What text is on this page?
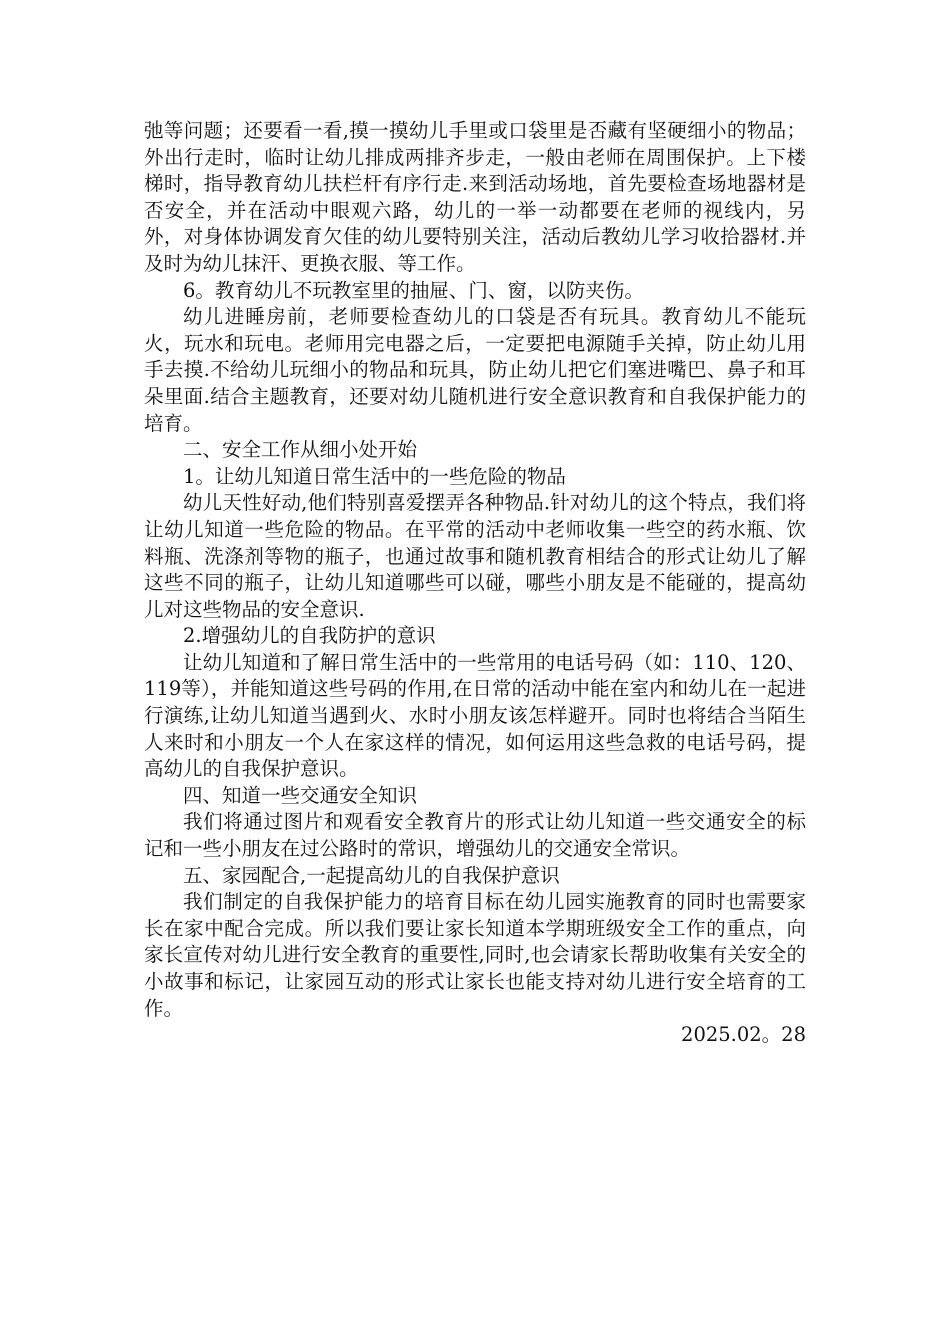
弛等问题；还要看一看,摸一摸幼儿手里或口袋里是否藏有坚硬细小的物品；外出行走时，临时让幼儿排成两排齐步走，一般由老师在周围保护。上下楼梯时，指导教育幼儿扶栏杆有序行走.来到活动场地，首先要检查场地器材是否安全，并在活动中眼观六路，幼儿的一举一动都要在老师的视线内，另外，对身体协调发育欠佳的幼儿要特别关注，活动后教幼儿学习收拾器材.并及时为幼儿抹汗、更换衣服、等工作。

6。教育幼儿不玩教室里的抽屉、门、窗，以防夹伤。

幼儿进睡房前，老师要检查幼儿的口袋是否有玩具。教育幼儿不能玩火，玩水和玩电。老师用完电器之后，一定要把电源随手关掉，防止幼儿用手去摸.不给幼儿玩细小的物品和玩具，防止幼儿把它们塞进嘴巴、鼻子和耳朵里面.结合主题教育，还要对幼儿随机进行安全意识教育和自我保护能力的培育。

二、安全工作从细小处开始

1。让幼儿知道日常生活中的一些危险的物品

幼儿天性好动,他们特别喜爱摆弄各种物品.针对幼儿的这个特点，我们将让幼儿知道一些危险的物品。在平常的活动中老师收集一些空的药水瓶、饮料瓶、洗涤剂等物的瓶子，也通过故事和随机教育相结合的形式让幼儿了解这些不同的瓶子，让幼儿知道哪些可以碰，哪些小朋友是不能碰的，提高幼儿对这些物品的安全意识.

2.增强幼儿的自我防护的意识

让幼儿知道和了解日常生活中的一些常用的电话号码（如：110、120、119等），并能知道这些号码的作用,在日常的活动中能在室内和幼儿在一起进行演练,让幼儿知道当遇到火、水时小朋友该怎样避开。同时也将结合当陌生人来时和小朋友一个人在家这样的情况，如何运用这些急救的电话号码，提高幼儿的自我保护意识。

四、知道一些交通安全知识

我们将通过图片和观看安全教育片的形式让幼儿知道一些交通安全的标记和一些小朋友在过公路时的常识，增强幼儿的交通安全常识。

五、家园配合,一起提高幼儿的自我保护意识

我们制定的自我保护能力的培育目标在幼儿园实施教育的同时也需要家长在家中配合完成。所以我们要让家长知道本学期班级安全工作的重点，向家长宣传对幼儿进行安全教育的重要性,同时,也会请家长帮助收集有关安全的小故事和标记，让家园互动的形式让家长也能支持对幼儿进行安全培育的工作。

2025.02。28
